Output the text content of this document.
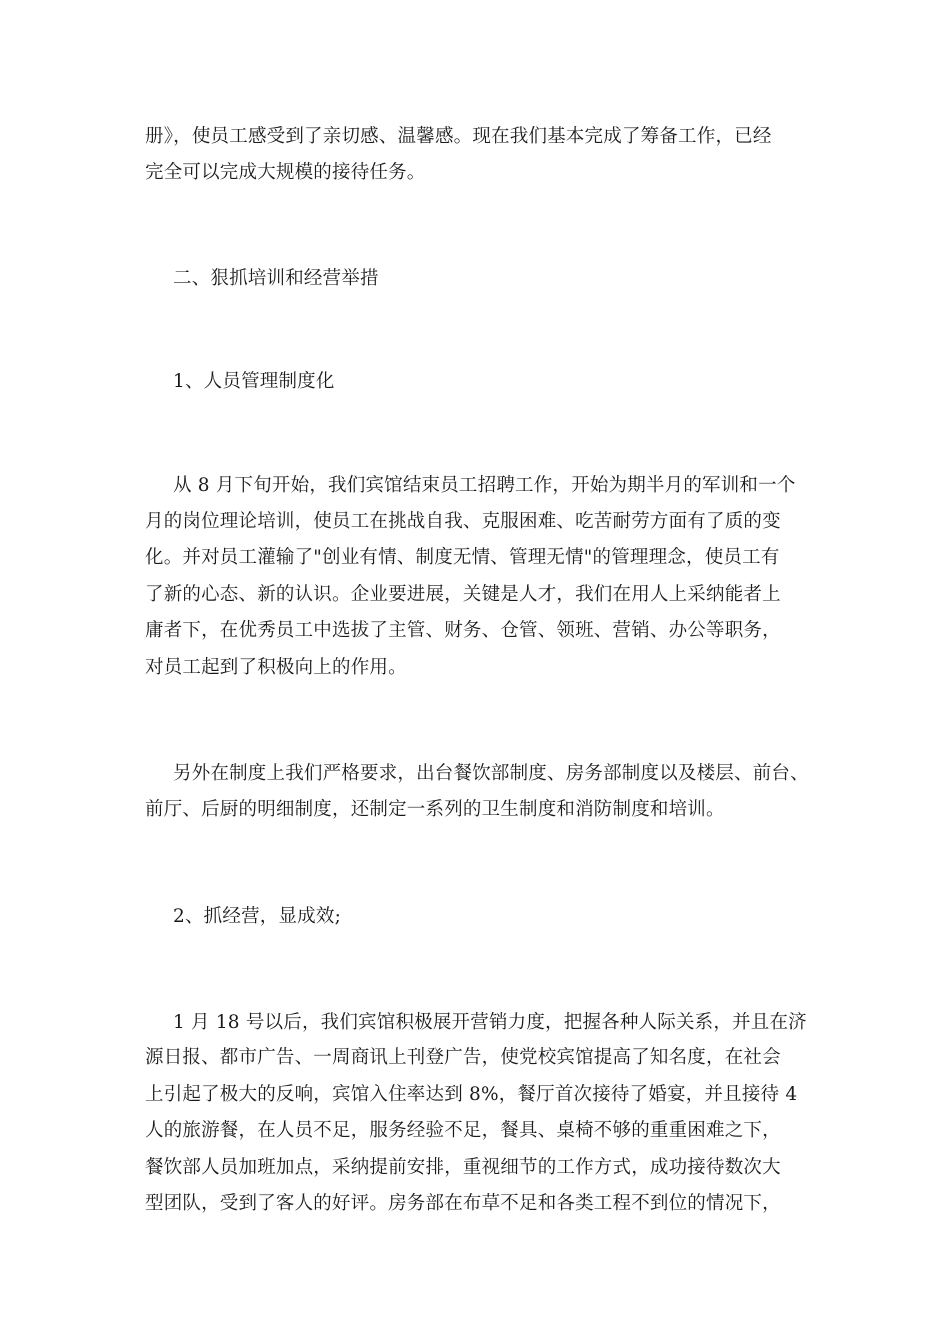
册》，使员工感受到了亲切感、温馨感。现在我们基本完成了筹备工作，已经
完全可以完成大规模的接待任务。
二、狠抓培训和经营举措
1、人员管理制度化
从 8 月下旬开始，我们宾馆结束员工招聘工作，开始为期半月的军训和一个
月的岗位理论培训，使员工在挑战自我、克服困难、吃苦耐劳方面有了质的变
化。并对员工灌输了"创业有情、制度无情、管理无情"的管理理念，使员工有
了新的心态、新的认识。企业要进展，关键是人才，我们在用人上采纳能者上
庸者下，在优秀员工中选拔了主管、财务、仓管、领班、营销、办公等职务，
对员工起到了积极向上的作用。
另外在制度上我们严格要求，出台餐饮部制度、房务部制度以及楼层、前台、
前厅、后厨的明细制度，还制定一系列的卫生制度和消防制度和培训。
2、抓经营，显成效;
1 月 18 号以后，我们宾馆积极展开营销力度，把握各种人际关系，并且在济
源日报、都市广告、一周商讯上刊登广告，使党校宾馆提高了知名度，在社会
上引起了极大的反响，宾馆入住率达到 8%，餐厅首次接待了婚宴，并且接待 4
人的旅游餐，在人员不足，服务经验不足，餐具、桌椅不够的重重困难之下，
餐饮部人员加班加点，采纳提前安排，重视细节的工作方式，成功接待数次大
型团队，受到了客人的好评。房务部在布草不足和各类工程不到位的情况下，
